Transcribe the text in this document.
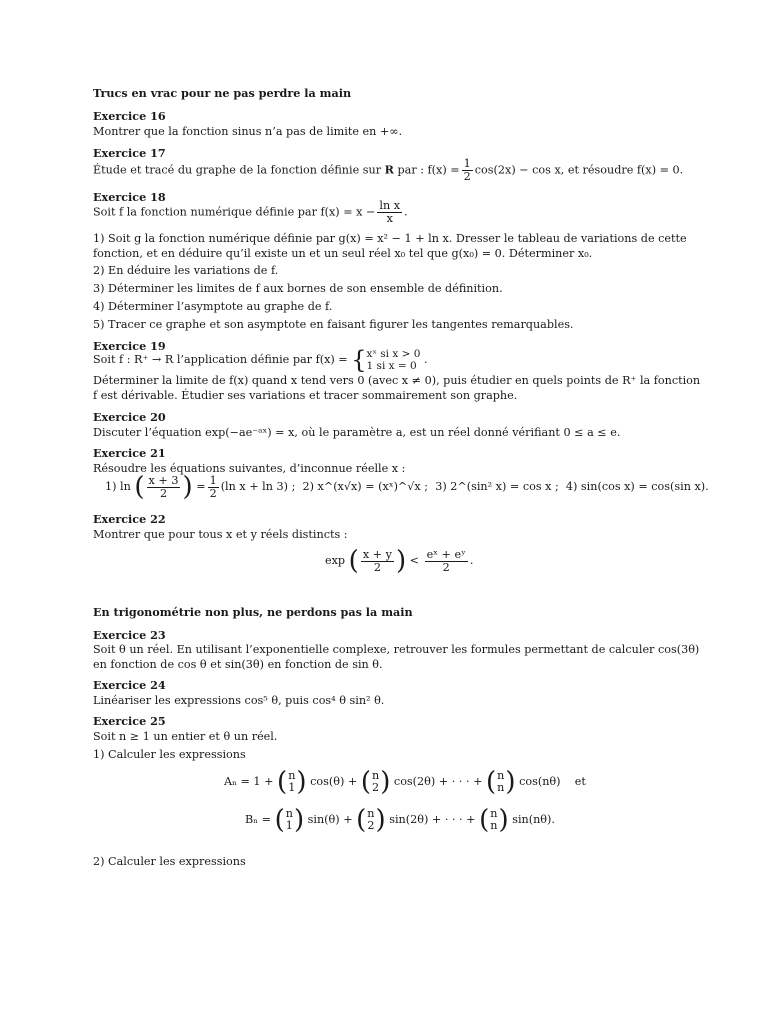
Trucs en vrac pour ne pas perdre la main
Exercice 16
Montrer que la fonction sinus n’a pas de limite en +∞.
Exercice 17
Étude et tracé du graphe de la fonction définie sur R par : $f(x) = \frac{1}{2} \cos(2x) - \cos x$, et résoudre f(x) = 0.
Exercice 18
Soit f la fonction numérique définie par $f(x) = x - \frac{\text{ln x}}{x}$ .
1) Soit g la fonction numérique définie par g(x) = x² − 1 + ln x. Dresser le tableau de variations de cette
fonction, et en déduire qu’il existe un et un seul réel x₀ tel que g(x₀) = 0. Déterminer x₀.
2) En déduire les variations de f.
3) Déterminer les limites de f aux bornes de son ensemble de définition.
4) Déterminer l’asymptote au graphe de f.
5) Tracer ce graphe et son asymptote en faisant figurer les tangentes remarquables.
Exercice 19
Soit f : R⁺ → R l’application définie par f(x) = { xˣ si x > 0
1 si x = 0 .
Déterminer la limite de f(x) quand x tend vers 0 (avec x ≠ 0), puis étudier en quels points de R⁺ la fonction
f est dérivable. Étudier ses variations et tracer sommairement son graphe.
Exercice 20
Discuter l’équation exp(−ae⁻ᵃˣ) = x, où le paramètre a, est un réel donné vérifiant 0 ≤ a ≤ e.
Exercice 21
Résoudre les équations suivantes, d’inconnue réelle x :
1) ln ( $\frac{x + 3}{2}$ ) = $\frac{1}{2} (\ln$ x + ln 3) ; 2) x^(x√x) = (xˣ)^√x ; 3) 2^(sin² x) = cos x ; 4) sin(cos x) = cos(sin x).
Exercice 22
Montrer que pour tous x et y réels distincts :
exp ( $\frac{x + y}{2}$ ) < $\frac{\text{eˣ + eʸ}}{2}$ .
En trigonométrie non plus, ne perdons pas la main
Exercice 23
Soit θ un réel. En utilisant l’exponentielle complexe, retrouver les formules permettant de calculer cos(3θ)
en fonction de cos θ et sin(3θ) en fonction de sin θ.
Exercice 24
Linéariser les expressions cos⁵ θ, puis cos⁴ θ sin² θ.
Exercice 25
Soit n ≥ 1 un entier et θ un réel.
1) Calculer les expressions
Aₙ = 1 + ( n
1 ) cos(θ) + ( n
2 ) cos(2θ) + · · · + ( n
n ) cos(nθ) et
Bₙ = ( n
1 ) sin(θ) + ( n
2 ) sin(2θ) + · · · + ( n
n ) sin(nθ).
2) Calculer les expressions
